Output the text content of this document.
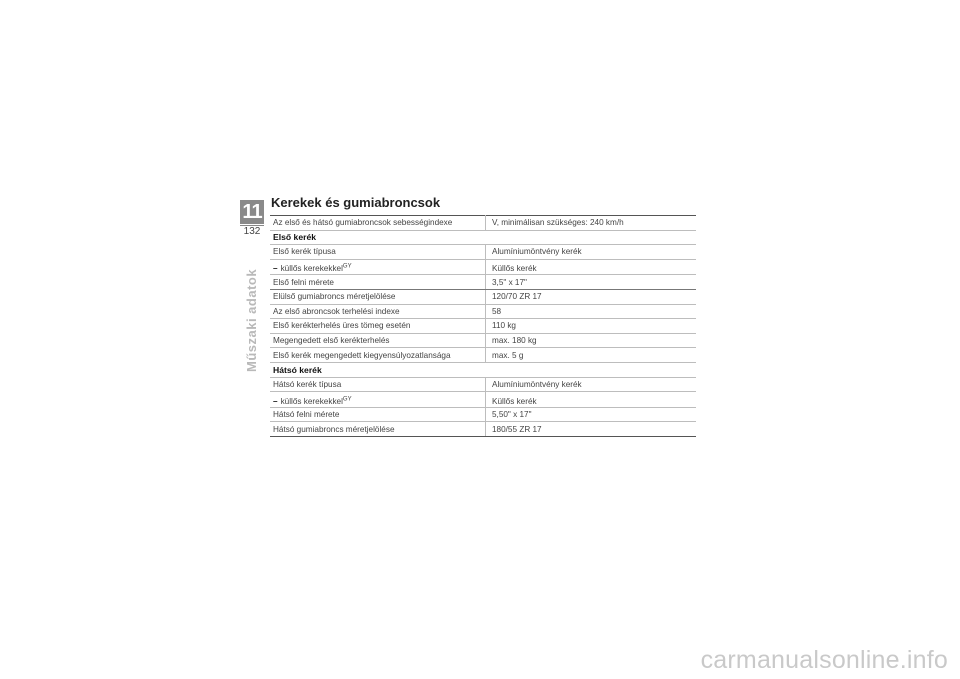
11
132
Műszaki adatok
Kerekek és gumiabroncsok
Az első és hátsó gumiabroncsok sebességindexe	V, minimálisan szükséges: 240 km/h
Első kerék	
Első kerék típusa	Alumíniumöntvény kerék
– küllős kerekekkel$^{GY}$	Küllős kerék
Első felni mérete	3,5" x 17"
Elülső gumiabroncs méretjelölése	120/70 ZR 17
Az első abroncsok terhelési indexe	58
Első kerékterhelés üres tömeg esetén	110 kg
Megengedett első kerékterhelés	max. 180 kg
Első kerék megengedett kiegyensúlyozatlansága	max. 5 g
Hátsó kerék	
Hátsó kerék típusa	Alumíniumöntvény kerék
– küllős kerekekkel$^{GY}$	Küllős kerék
Hátsó felni mérete	5,50" x 17"
Hátsó gumiabroncs méretjelölése	180/55 ZR 17
carmanualsonline.info
